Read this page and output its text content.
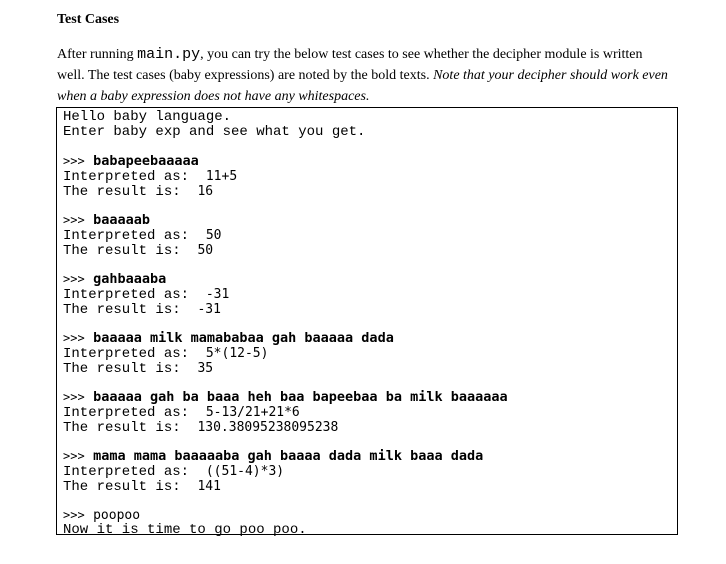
Test Cases
After running main.py, you can try the below test cases to see whether the decipher module is written well. The test cases (baby expressions) are noted by the bold texts. Note that your decipher should work even when a baby expression does not have any whitespaces.
Hello baby language.
Enter baby exp and see what you get.
>>> babapeebaaaaa
Interpreted as: 11+5
The result is: 16
>>> baaaaab
Interpreted as: 50
The result is: 50
>>> gahbaaaba
Interpreted as: -31
The result is: -31
>>> baaaaa milk mamababaa gah baaaaa dada
Interpreted as: 5*(12-5)
The result is: 35
>>> baaaaa gah ba baaa heh baa bapeebaa ba milk baaaaaa
Interpreted as: 5-13/21+21*6
The result is: 130.38095238095238
>>> mama mama baaaaaba gah baaaa dada milk baaa dada
Interpreted as: ((51-4)*3)
The result is: 141
>>> poopoo
Now it is time to go poo poo.
